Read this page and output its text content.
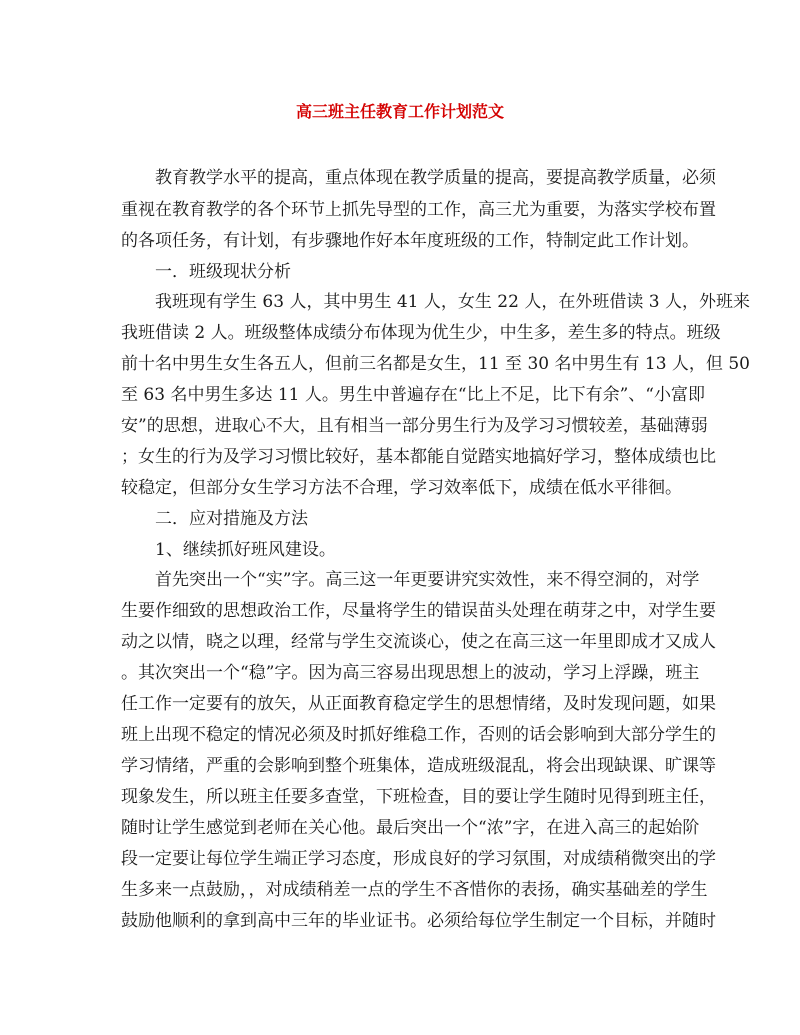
高三班主任教育工作计划范文
教育教学水平的提高，重点体现在教学质量的提高，要提高教学质量，必须
重视在教育教学的各个环节上抓先导型的工作，高三尤为重要，为落实学校布置
的各项任务，有计划，有步骤地作好本年度班级的工作，特制定此工作计划。
一．班级现状分析
我班现有学生 63 人，其中男生 41 人，女生 22 人，在外班借读 3 人，外班来
我班借读 2 人。班级整体成绩分布体现为优生少，中生多，差生多的特点。班级
前十名中男生女生各五人，但前三名都是女生，11 至 30 名中男生有 13 人，但 50
至 63 名中男生多达 11 人。男生中普遍存在“比上不足，比下有余”、“小富即
安”的思想，进取心不大，且有相当一部分男生行为及学习习惯较差，基础薄弱
；女生的行为及学习习惯比较好，基本都能自觉踏实地搞好学习，整体成绩也比
较稳定，但部分女生学习方法不合理，学习效率低下，成绩在低水平徘徊。
二．应对措施及方法
1、继续抓好班风建设。
首先突出一个“实”字。高三这一年更要讲究实效性，来不得空洞的，对学
生要作细致的思想政治工作，尽量将学生的错误苗头处理在萌芽之中，对学生要
动之以情，晓之以理，经常与学生交流谈心，使之在高三这一年里即成才又成人
。其次突出一个“稳”字。因为高三容易出现思想上的波动，学习上浮躁，班主
任工作一定要有的放矢，从正面教育稳定学生的思想情绪，及时发现问题，如果
班上出现不稳定的情况必须及时抓好维稳工作，否则的话会影响到大部分学生的
学习情绪，严重的会影响到整个班集体，造成班级混乱，将会出现缺课、旷课等
现象发生，所以班主任要多查堂，下班检查，目的要让学生随时见得到班主任，
随时让学生感觉到老师在关心他。最后突出一个“浓”字，在进入高三的起始阶
段一定要让每位学生端正学习态度，形成良好的学习氛围，对成绩稍微突出的学
生多来一点鼓励，，对成绩稍差一点的学生不吝惜你的表扬，确实基础差的学生
鼓励他顺利的拿到高中三年的毕业证书。必须给每位学生制定一个目标，并随时
